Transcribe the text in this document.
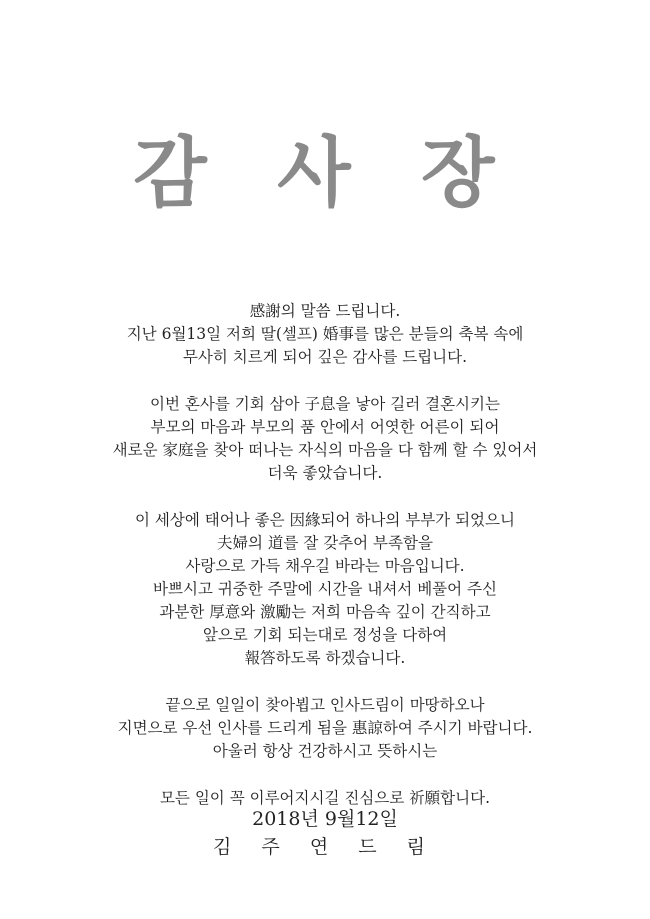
감 사 장
感謝의 말씀 드립니다.
지난 6월13일 저희 딸(셀프) 婚事를 많은 분들의 축복 속에
무사히 치르게 되어 깊은 감사를 드립니다.
이번 혼사를 기회 삼아 子息을 낳아 길러 결혼시키는
부모의 마음과 부모의 품 안에서 어엿한 어른이 되어
새로운 家庭을 찾아 떠나는 자식의 마음을 다 함께 할 수 있어서
더욱 좋았습니다.
이 세상에 태어나 좋은 因緣되어 하나의 부부가 되었으니
夫婦의 道를 잘 갖추어 부족함을
사랑으로 가득 채우길 바라는 마음입니다.
바쁘시고 귀중한 주말에 시간을 내셔서 베풀어 주신
과분한 厚意와 激勵는 저희 마음속 깊이 간직하고
앞으로 기회 되는대로 정성을 다하여
報答하도록 하겠습니다.
끝으로 일일이 찾아뵙고 인사드림이 마땅하오나
지면으로 우선 인사를 드리게 됨을 惠諒하여 주시기 바랍니다.
아울러 항상 건강하시고 뜻하시는
모든 일이 꼭 이루어지시길 진심으로 祈願합니다.
2018년 9월12일
김 주 연 드 림
